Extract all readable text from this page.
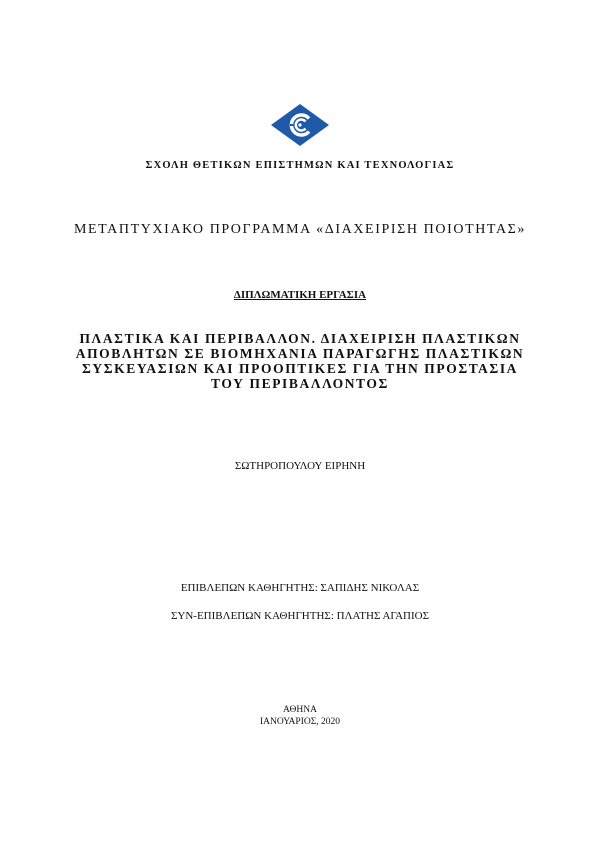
ΣΧΟΛΗ ΘΕΤΙΚΩΝ ΕΠΙΣΤΗΜΩΝ ΚΑΙ ΤΕΧΝΟΛΟΓΙΑΣ
ΜΕΤΑΠΤΥΧΙΑΚΟ ΠΡΟΓΡΑΜΜΑ «ΔΙΑΧΕΙΡΙΣΗ ΠΟΙΟΤΗΤΑΣ»
ΔΙΠΛΩΜΑΤΙΚΗ ΕΡΓΑΣΙΑ
ΠΛΑΣΤΙΚΑ ΚΑΙ ΠΕΡΙΒΑΛΛΟΝ. ΔΙΑΧΕΙΡΙΣΗ ΠΛΑΣΤΙΚΩΝ
ΑΠΟΒΛΗΤΩΝ ΣΕ ΒΙΟΜΗΧΑΝΙΑ ΠΑΡΑΓΩΓΗΣ ΠΛΑΣΤΙΚΩΝ
ΣΥΣΚΕΥΑΣΙΩΝ ΚΑΙ ΠΡΟΟΠΤΙΚΕΣ ΓΙΑ ΤΗΝ ΠΡΟΣΤΑΣΙΑ
ΤΟΥ ΠΕΡΙΒΑΛΛΟΝΤΟΣ
ΣΩΤΗΡΟΠΟΥΛΟΥ ΕΙΡΗΝΗ
ΕΠΙΒΛΕΠΩΝ ΚΑΘΗΓΗΤΗΣ: ΣΑΠΙΔΗΣ ΝΙΚΟΛΑΣ
ΣΥΝ-ΕΠΙΒΛΕΠΩΝ ΚΑΘΗΓΗΤΗΣ: ΠΛΑΤΗΣ ΑΓΑΠΙΟΣ
ΑΘΗΝΑ
ΙΑΝΟΥΑΡΙΟΣ, 2020
